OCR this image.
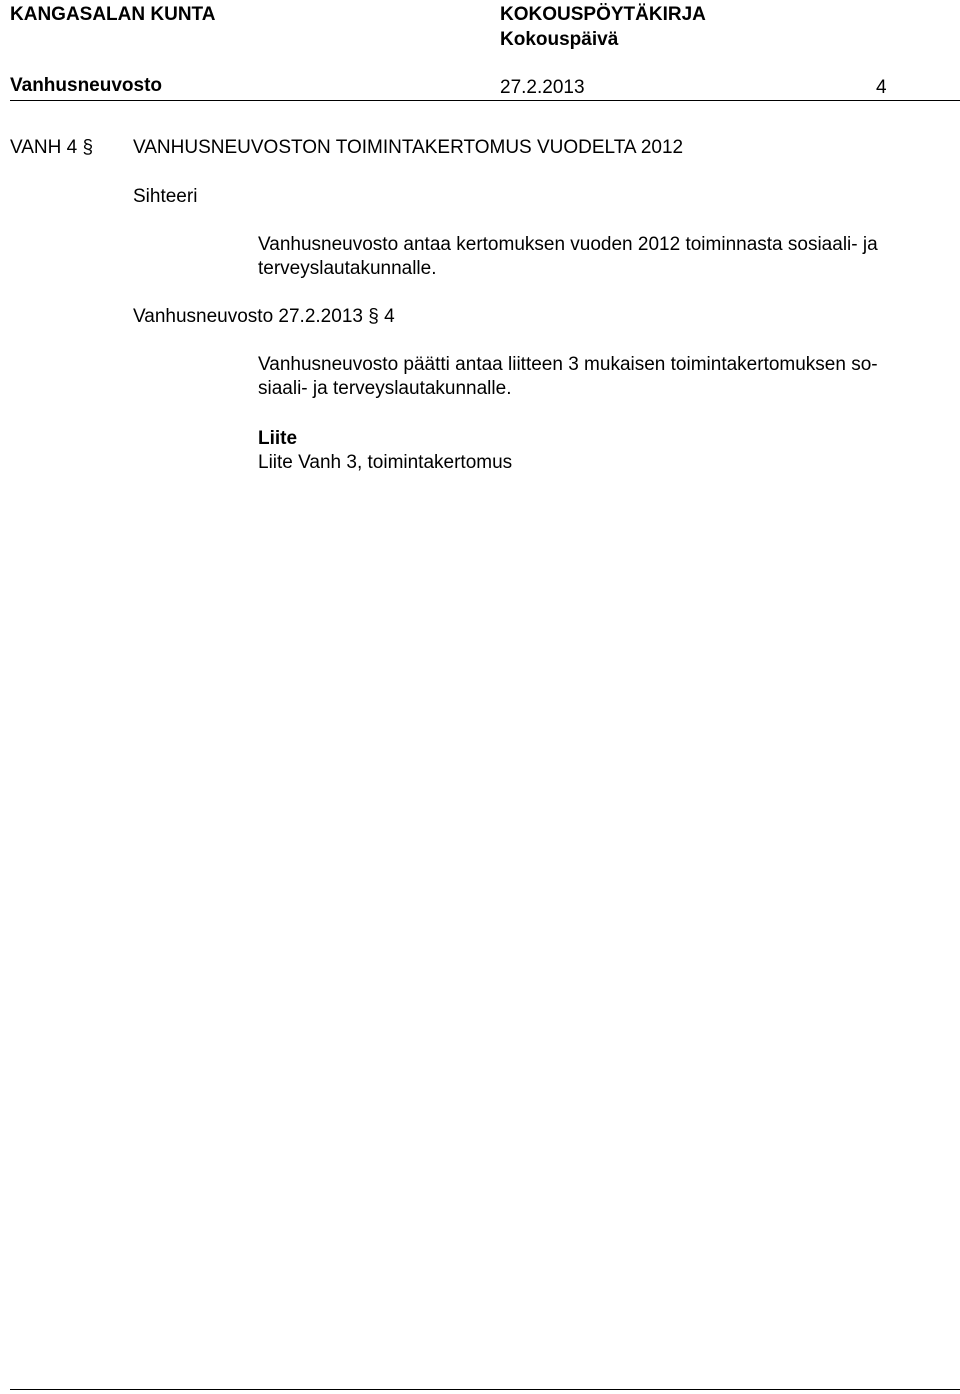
KANGASALAN KUNTA	KOKOUSPÖYTÄKIRJA
Kokouspäivä
Vanhusneuvosto	27.2.2013	4
VANH 4 § VANHUSNEUVOSTON TOIMINTAKERTOMUS VUODELTA 2012
Sihteeri
Vanhusneuvosto antaa kertomuksen vuoden 2012 toiminnasta sosiaali- ja
terveyslautakunnalle.
Vanhusneuvosto 27.2.2013 § 4
Vanhusneuvosto päätti antaa liitteen 3 mukaisen toimintakertomuksen so-
siaali- ja terveyslautakunnalle.
Liite
Liite Vanh 3, toimintakertomus
